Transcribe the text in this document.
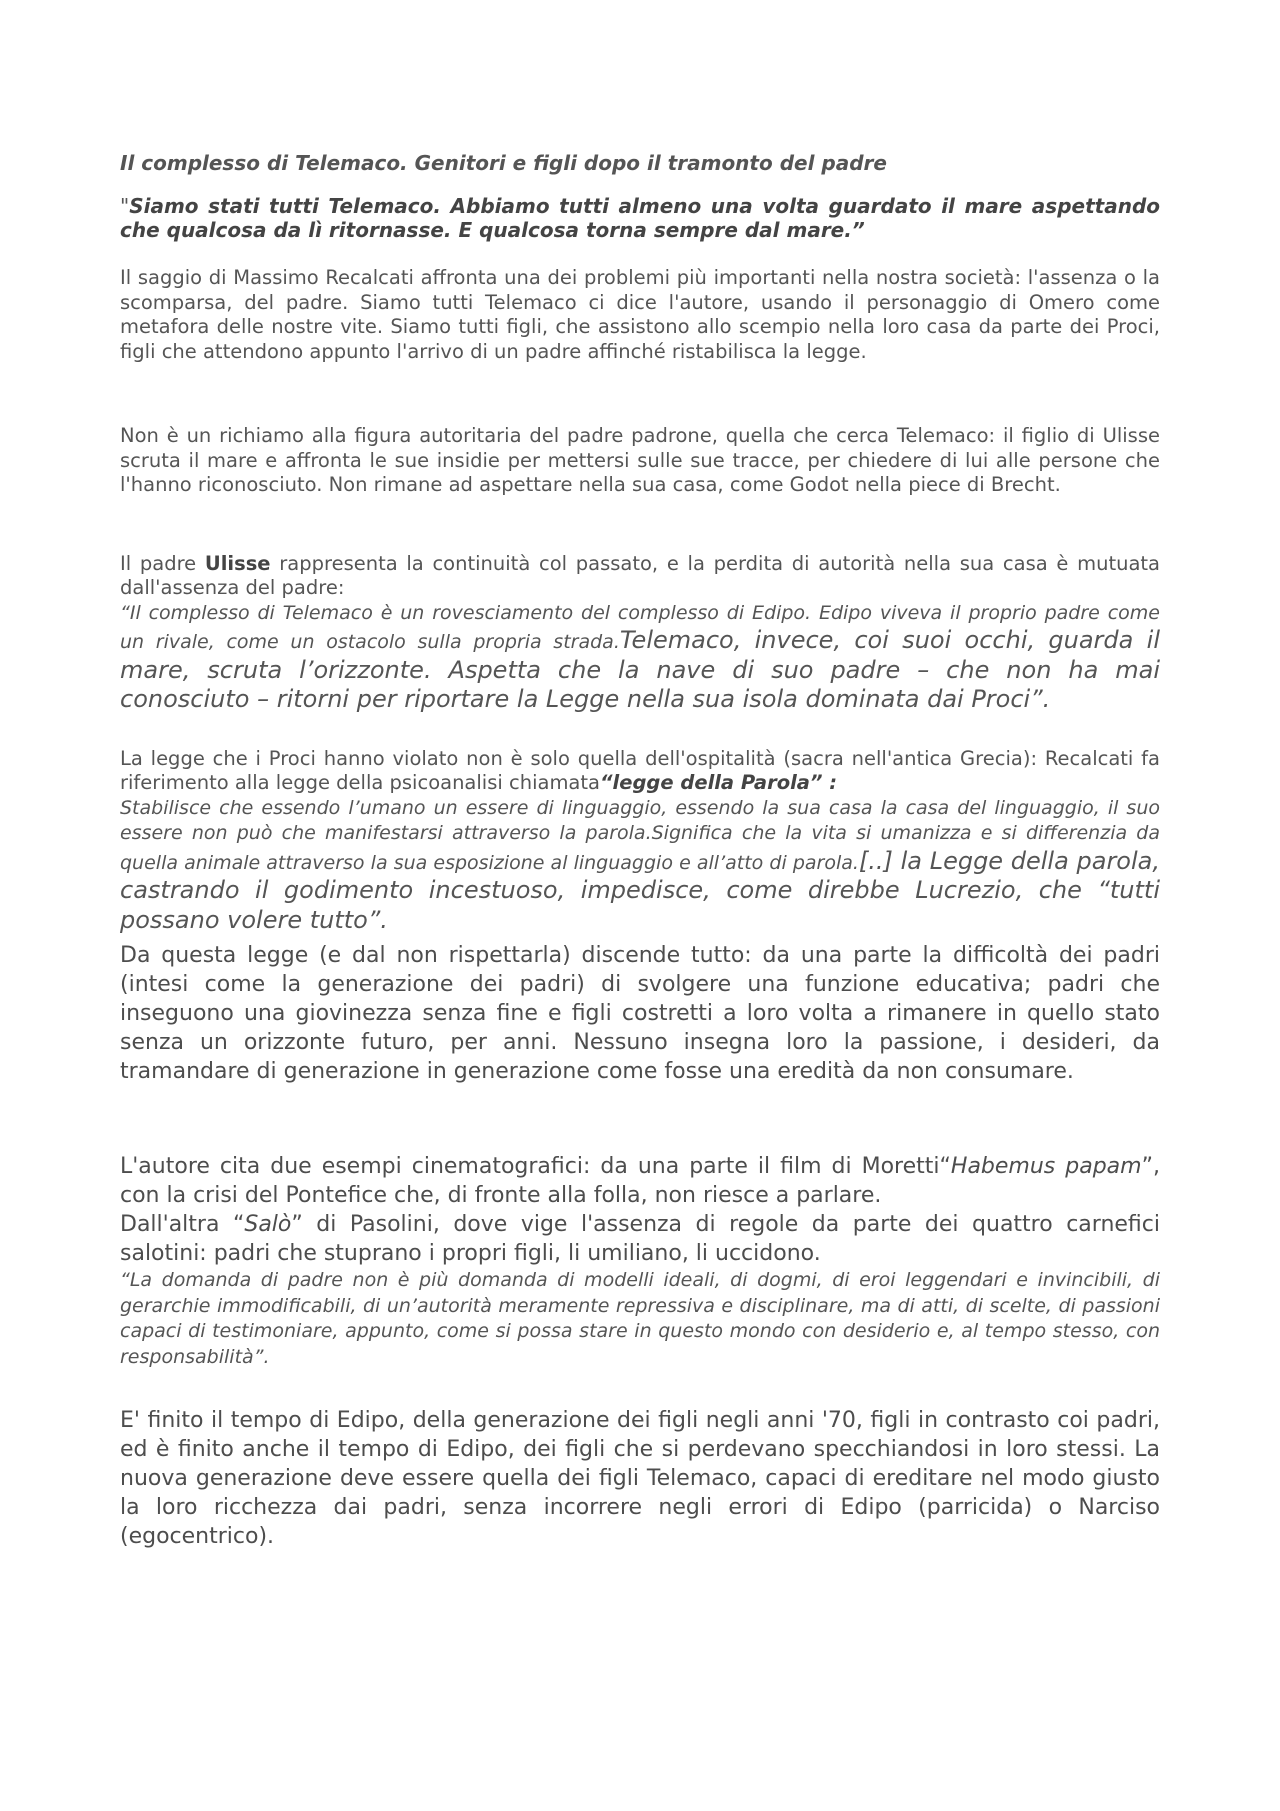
Il complesso di Telemaco. Genitori e figli dopo il tramonto del padre

"Siamo stati tutti Telemaco. Abbiamo tutti almeno una volta guardato il mare aspettando che qualcosa da lì ritornasse. E qualcosa torna sempre dal mare.”

Il saggio di Massimo Recalcati affronta una dei problemi più importanti nella nostra società: l'assenza o la scomparsa, del padre. Siamo tutti Telemaco ci dice l'autore, usando il personaggio di Omero come metafora delle nostre vite. Siamo tutti figli, che assistono allo scempio nella loro casa da parte dei Proci, figli che attendono appunto l'arrivo di un padre affinché ristabilisca la legge.

Non è un richiamo alla figura autoritaria del padre padrone, quella che cerca Telemaco: il figlio di Ulisse scruta il mare e affronta le sue insidie per mettersi sulle sue tracce, per chiedere di lui alle persone che l'hanno riconosciuto. Non rimane ad aspettare nella sua casa, come Godot nella piece di Brecht.

Il padre Ulisse rappresenta la continuità col passato, e la perdita di autorità nella sua casa è mutuata dall'assenza del padre:

“Il complesso di Telemaco è un rovesciamento del complesso di Edipo. Edipo viveva il proprio padre come un rivale, come un ostacolo sulla propria strada.Telemaco, invece, coi suoi occhi, guarda il mare, scruta l’orizzonte. Aspetta che la nave di suo padre – che non ha mai conosciuto – ritorni per riportare la Legge nella sua isola dominata dai Proci”.

La legge che i Proci hanno violato non è solo quella dell'ospitalità (sacra nell'antica Grecia): Recalcati fa riferimento alla legge della psicoanalisi chiamata“legge della Parola” :

Stabilisce che essendo l’umano un essere di linguaggio, essendo la sua casa la casa del linguaggio, il suo essere non può che manifestarsi attraverso la parola.Significa che la vita si umanizza e si differenzia da quella animale attraverso la sua esposizione al linguaggio e all’atto di parola.[..] la Legge della parola, castrando il godimento incestuoso, impedisce, come direbbe Lucrezio, che “tutti possano volere tutto”.

Da questa legge (e dal non rispettarla) discende tutto: da una parte la difficoltà dei padri (intesi come la generazione dei padri) di svolgere una funzione educativa; padri che inseguono una giovinezza senza fine e figli costretti a loro volta a rimanere in quello stato senza un orizzonte futuro, per anni. Nessuno insegna loro la passione, i desideri, da tramandare di generazione in generazione come fosse una eredità da non consumare.

L'autore cita due esempi cinematografici: da una parte il film di Moretti“Habemus papam”, con la crisi del Pontefice che, di fronte alla folla, non riesce a parlare.
Dall'altra “Salò” di Pasolini, dove vige l'assenza di regole da parte dei quattro carnefici salotini: padri che stuprano i propri figli, li umiliano, li uccidono.

“La domanda di padre non è più domanda di modelli ideali, di dogmi, di eroi leggendari e invincibili, di gerarchie immodificabili, di un’autorità meramente repressiva e disciplinare, ma di atti, di scelte, di passioni capaci di testimoniare, appunto, come si possa stare in questo mondo con desiderio e, al tempo stesso, con responsabilità”.

E' finito il tempo di Edipo, della generazione dei figli negli anni '70, figli in contrasto coi padri, ed è finito anche il tempo di Edipo, dei figli che si perdevano specchiandosi in loro stessi. La nuova generazione deve essere quella dei figli Telemaco, capaci di ereditare nel modo giusto la loro ricchezza dai padri, senza incorrere negli errori di Edipo (parricida) o Narciso (egocentrico).
